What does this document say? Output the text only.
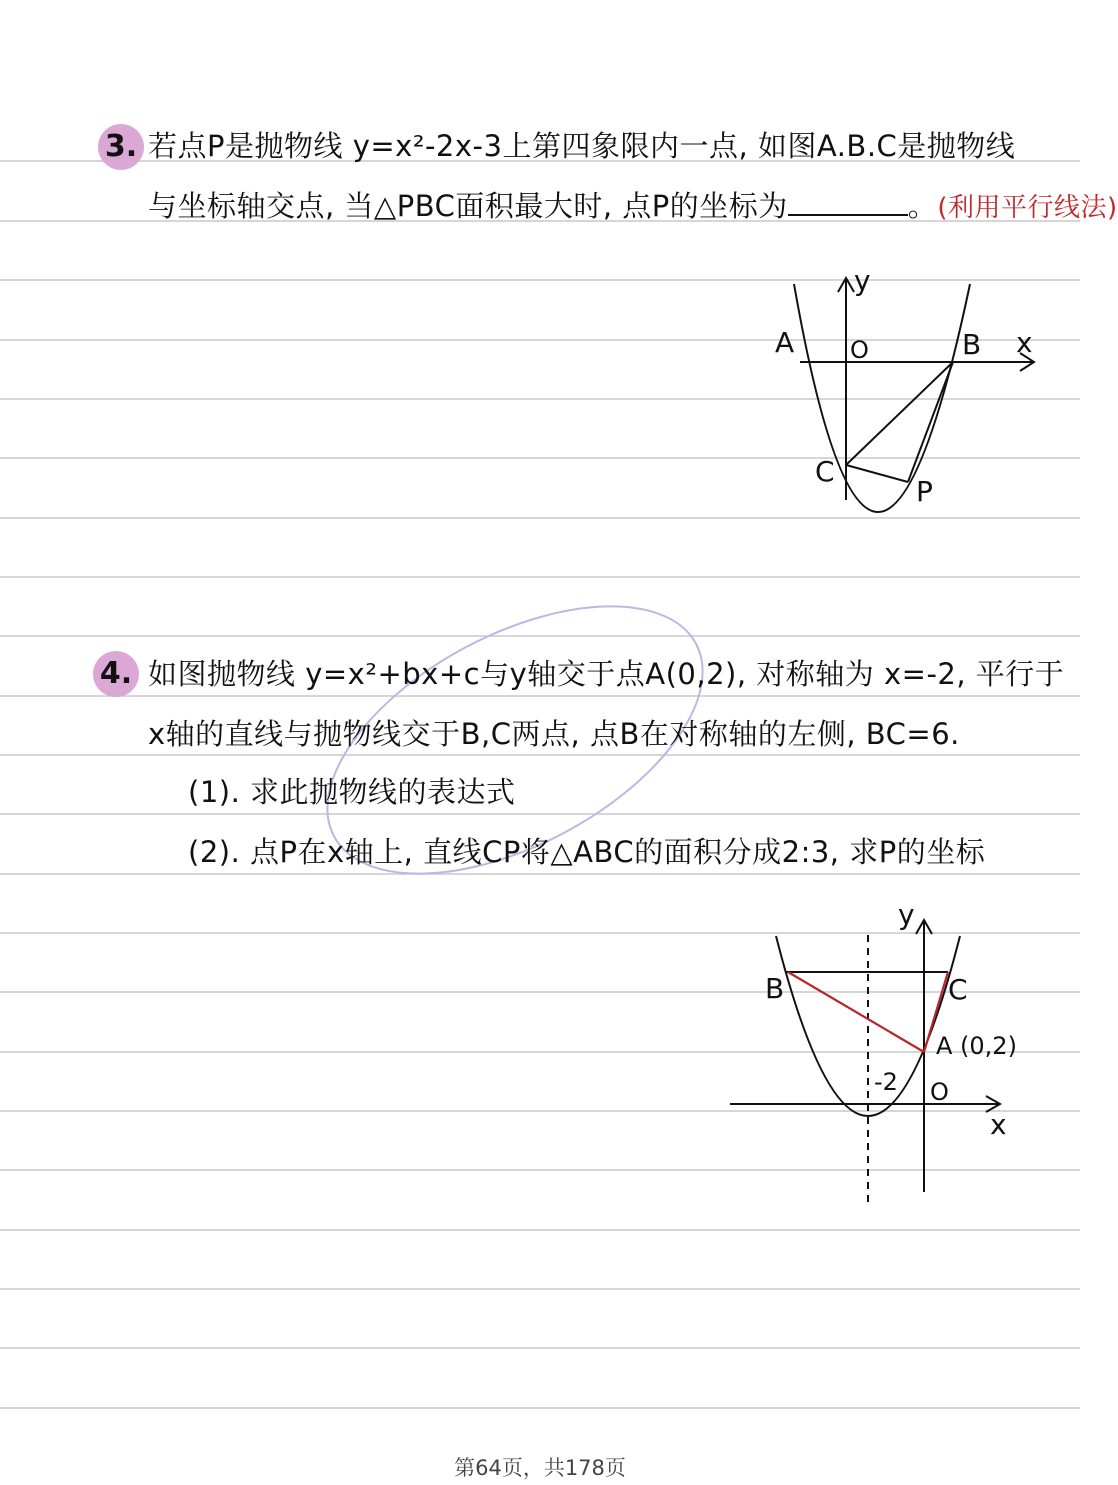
3. 若点P是抛物线 y=x²-2x-3上第四象限内一点, 如图A.B.C是抛物线
与坐标轴交点, 当△PBC面积最大时, 点P的坐标为	。(利用平行线法)
A O	B x
y
C
P
4. 如图抛物线 y=x²+bx+c与y轴交于点A(0,2), 对称轴为 x=-2, 平行于
x轴的直线与抛物线交于B,C两点, 点B在对称轴的左侧, BC=6.
(1). 求此抛物线的表达式
(2). 点P在x轴上, 直线CP将△ABC的面积分成2:3, 求P的坐标
y
B	C
A (0,2)
-2 O
x
第64页，共178页
